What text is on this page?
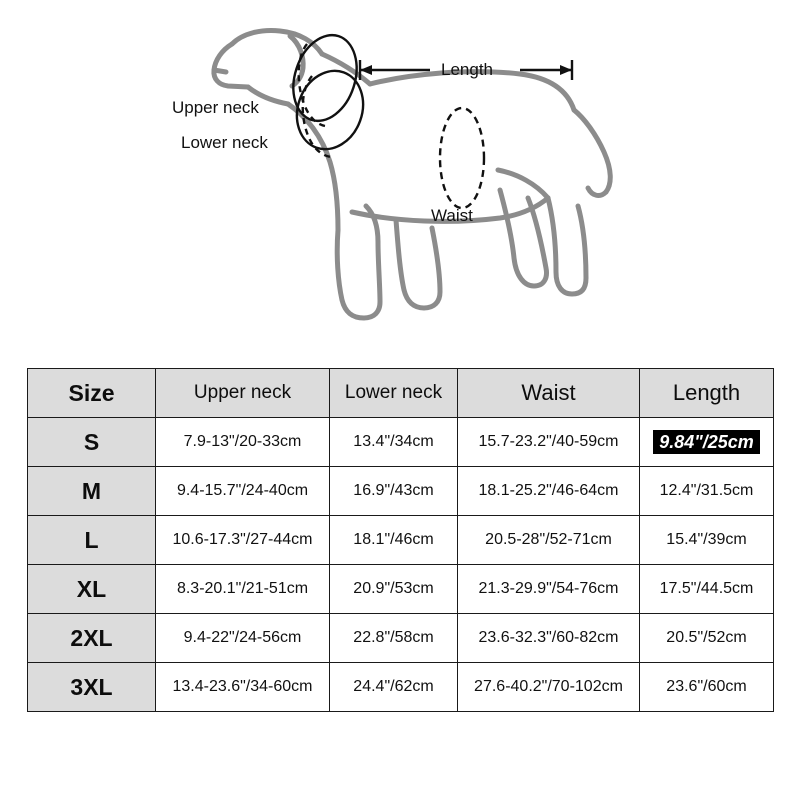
Upper neck
Lower neck
Waist
Length
Size	Upper neck	Lower neck	Waist	Length
S	7.9-13"/20-33cm	13.4"/34cm	15.7-23.2"/40-59cm	9.84"/25cm
M	9.4-15.7"/24-40cm	16.9"/43cm	18.1-25.2"/46-64cm	12.4"/31.5cm
L	10.6-17.3"/27-44cm	18.1"/46cm	20.5-28"/52-71cm	15.4"/39cm
XL	8.3-20.1"/21-51cm	20.9"/53cm	21.3-29.9"/54-76cm	17.5"/44.5cm
2XL	9.4-22"/24-56cm	22.8"/58cm	23.6-32.3"/60-82cm	20.5"/52cm
3XL	13.4-23.6"/34-60cm	24.4"/62cm	27.6-40.2"/70-102cm	23.6"/60cm
